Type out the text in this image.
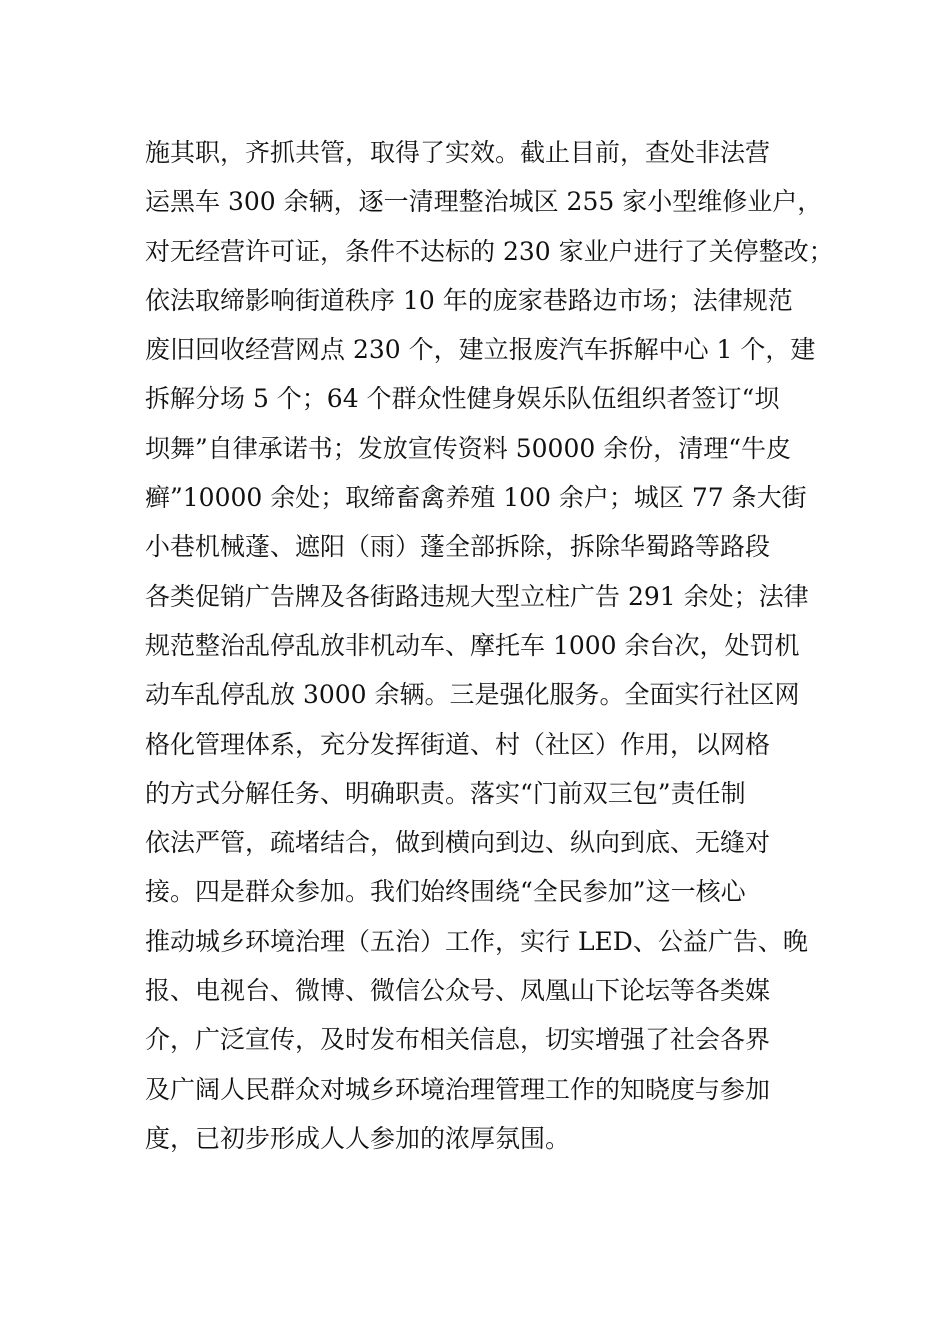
施其职，齐抓共管，取得了实效。截止目前，查处非法营
运黑车 300 余辆，逐一清理整治城区 255 家小型维修业户，
对无经营许可证，条件不达标的 230 家业户进行了关停整改；
依法取缔影响街道秩序 10 年的庞家巷路边市场；法律规范
废旧回收经营网点 230 个，建立报废汽车拆解中心 1 个，建
拆解分场 5 个；64 个群众性健身娱乐队伍组织者签订“坝
坝舞”自律承诺书；发放宣传资料 50000 余份，清理“牛皮
癣”10000 余处；取缔畜禽养殖 100 余户；城区 77 条大街
小巷机械蓬、遮阳（雨）蓬全部拆除，拆除华蜀路等路段
各类促销广告牌及各街路违规大型立柱广告 291 余处；法律
规范整治乱停乱放非机动车、摩托车 1000 余台次，处罚机
动车乱停乱放 3000 余辆。三是强化服务。全面实行社区网
格化管理体系，充分发挥街道、村（社区）作用，以网格
的方式分解任务、明确职责。落实“门前双三包”责任制
依法严管，疏堵结合，做到横向到边、纵向到底、无缝对
接。四是群众参加。我们始终围绕“全民参加”这一核心
推动城乡环境治理（五治）工作，实行 LED、公益广告、晚
报、电视台、微博、微信公众号、凤凰山下论坛等各类媒
介，广泛宣传，及时发布相关信息，切实增强了社会各界
及广阔人民群众对城乡环境治理管理工作的知晓度与参加
度，已初步形成人人参加的浓厚氛围。
